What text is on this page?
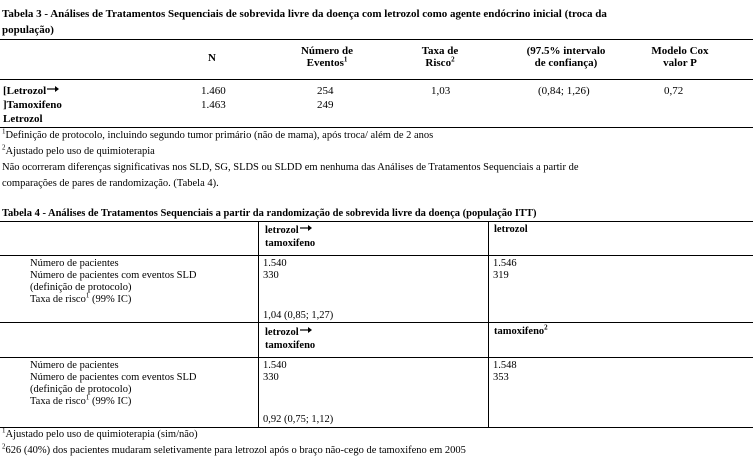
Tabela 3 - Análises de Tratamentos Sequenciais de sobrevida livre da doença com letrozol como agente endócrino inicial (troca da
população)
N
Número de
Eventos$^1$
Taxa de
Risco$^2$
(97.5% intervalo
de confiança)
Modelo Cox
valor P
[Letrozol
]Tamoxifeno
Letrozol
1.460
1.463
254
249
1,03	(0,84; 1,26)	0,72
$^1$Definição de protocolo, incluindo segundo tumor primário (não de mama), após troca/ além de 2 anos
$^2$Ajustado pelo uso de quimioterapia
Não ocorreram diferenças significativas nos SLD, SG, SLDS ou SLDD em nenhuma das Análises de Tratamentos Sequenciais a partir de
comparações de pares de randomização. (Tabela 4).
Tabela 4 - Análises de Tratamentos Sequenciais a partir da randomização de sobrevida livre da doença (população ITT)
letrozol
tamoxifeno
letrozol
Número de pacientes
Número de pacientes com eventos SLD
(definição de protocolo)
Taxa de risco$^1$ (99% IC)
1.540
330
1.546
319
1,04 (0,85; 1,27)
letrozol
tamoxifeno
tamoxifeno$^2$
Número de pacientes
Número de pacientes com eventos SLD
(definição de protocolo)
Taxa de risco$^1$ (99% IC)
1.540
330
1.548
353
0,92 (0,75; 1,12)
$^1$Ajustado pelo uso de quimioterapia (sim/não)
$^2$626 (40%) dos pacientes mudaram seletivamente para letrozol após o braço não-cego de tamoxifeno em 2005
